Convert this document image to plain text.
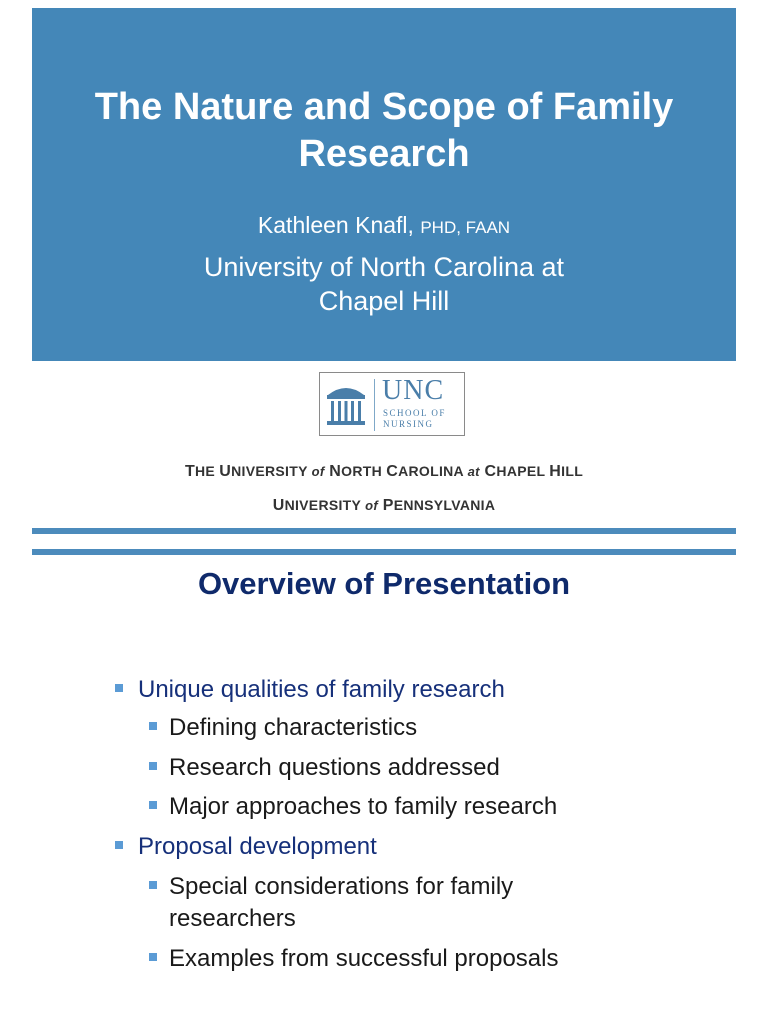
The Nature and Scope of Family Research
Kathleen Knafl, PHD, FAAN
University of North Carolina at Chapel Hill
UNC
SCHOOL OF NURSING
THE UNIVERSITY of NORTH CAROLINA at CHAPEL HILL
UNIVERSITY of PENNSYLVANIA
Overview of Presentation
Unique qualities of family research
Defining characteristics
Research questions addressed
Major approaches to family research
Proposal development
Special considerations for family researchers
Examples from successful proposals
